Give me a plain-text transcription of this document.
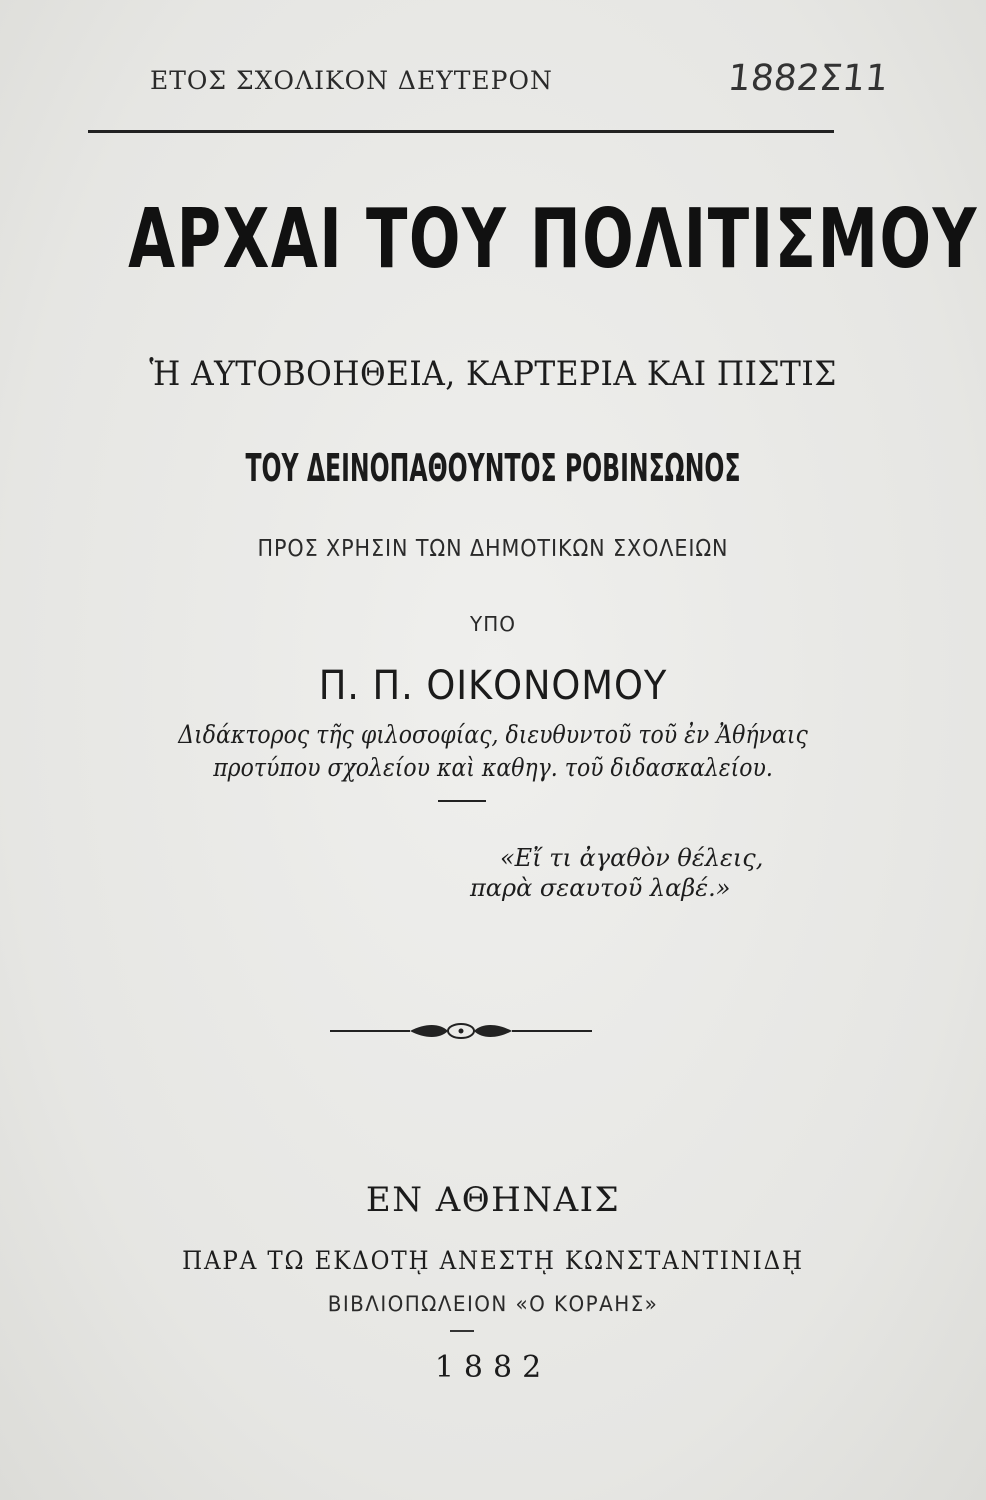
ΕΤΟΣ ΣΧΟΛΙΚΟΝ ΔΕΥΤΕΡΟΝ	1882Σ11
ΑΡΧΑΙ ΤΟΥ ΠΟΛΙΤΙΣΜΟΥ
Ἡ ΑΥΤΟΒΟΗΘΕΙΑ, ΚΑΡΤΕΡΙΑ ΚΑΙ ΠΙΣΤΙΣ
ΤΟΥ ΔΕΙΝΟΠΑΘΟΥΝΤΟΣ ΡΟΒΙΝΣΩΝΟΣ
ΠΡΟΣ ΧΡΗΣΙΝ ΤΩΝ ΔΗΜΟΤΙΚΩΝ ΣΧΟΛΕΙΩΝ
ΥΠΟ
Π. Π. ΟΙΚΟΝΟΜΟΥ
Διδάκτορος τῆς φιλοσοφίας, διευθυντοῦ τοῦ ἐν Ἀθήναις
προτύπου σχολείου καὶ καθηγ. τοῦ διδασκαλείου.
«Εἴ τι ἀγαθὸν θέλεις,
παρὰ σεαυτοῦ λαβέ.»
ΕΝ ΑΘΗΝΑΙΣ
ΠΑΡΑ ΤΩ ΕΚΔΟΤῌ ΑΝΕΣΤῌ ΚΩΝΣΤΑΝΤΙΝΙΔῌ
ΒΙΒΛΙΟΠΩΛΕΙΟΝ «Ο ΚΟΡΑΗΣ»
1882
